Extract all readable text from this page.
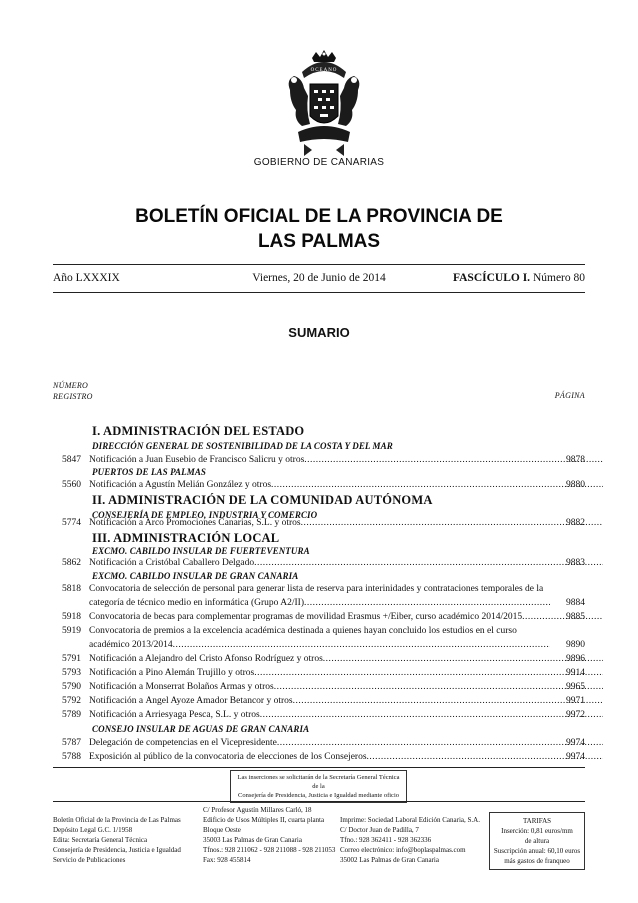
OCEANO
GOBIERNO DE CANARIAS
BOLETÍN OFICIAL DE LA PROVINCIA DE
LAS PALMAS
Año LXXXIX	Viernes, 20 de Junio de 2014	FASCÍCULO I. Número 80
SUMARIO
NÚMERO
REGISTRO	PÁGINA
I. ADMINISTRACIÓN DEL ESTADO
DIRECCIÓN GENERAL DE SOSTENIBILIDAD DE LA COSTA Y DEL MAR
5847 Notificación a Juan Eusebio de Francisco Salicru y otros .....	9878
PUERTOS DE LAS PALMAS
5560 Notificación a Agustín Melián González y otros .....	9880
II. ADMINISTRACIÓN DE LA COMUNIDAD AUTÓNOMA
CONSEJERÍA DE EMPLEO, INDUSTRIA Y COMERCIO
5774 Notificación a Arco Promociones Canarias, S.L. y otros .....	9882
III. ADMINISTRACIÓN LOCAL
EXCMO. CABILDO INSULAR DE FUERTEVENTURA
5862 Notificación a Cristóbal Caballero Delgado .....	9883
EXCMO. CABILDO INSULAR DE GRAN CANARIA
5818 Convocatoria de selección de personal para generar lista de reserva para interinidades y contrataciones temporales de la
categoría de técnico medio en informática (Grupo A2/II) .....	9884
5918 Convocatoria de becas para complementar programas de movilidad Erasmus +/Eiber, curso académico 2014/2015 .....	9885
5919 Convocatoria de premios a la excelencia académica destinada a quienes hayan concluido los estudios en el curso
académico 2013/2014 .....	9890
5791 Notificación a Alejandro del Cristo Afonso Rodríguez y otros .....	9896
5793 Notificación a Pino Alemán Trujillo y otros .....	9914
5790 Notificación a Monserrat Bolaños Armas y otros .....	9965
5792 Notificación a Ángel Ayoze Amador Betancor y otros .....	9971
5789 Notificación a Arriesyaga Pesca, S.L. y otros .....	9972
CONSEJO INSULAR DE AGUAS DE GRAN CANARIA
5787 Delegación de competencias en el Vicepresidente .....	9974
5788 Exposición al público de la convocatoria de elecciones de los Consejeros .....	9974
Las inserciones se solicitarán de la Secretaría General Técnica de la
Consejería de Presidencia, Justicia e Igualdad mediante oficio
Boletín Oficial de la Provincia de Las Palmas
Depósito Legal G.C. 1/1958
Edita: Secretaría General Técnica
Consejería de Presidencia, Justicia e Igualdad
Servicio de Publicaciones
C/ Profesor Agustín Millares Carló, 18
Edificio de Usos Múltiples II, cuarta planta
Bloque Oeste
35003 Las Palmas de Gran Canaria
Tfnos.: 928 211062 - 928 211088 - 928 211053
Fax: 928 455814
Imprime: Sociedad Laboral Edición Canaria, S.A.
C/ Doctor Juan de Padilla, 7
Tfno.: 928 362411 - 928 362336
Correo electrónico: info@boplaspalmas.com
35002 Las Palmas de Gran Canaria
TARIFAS
Inserción: 0,81 euros/mm
de altura
Suscripción anual: 60,10 euros
más gastos de franqueo
